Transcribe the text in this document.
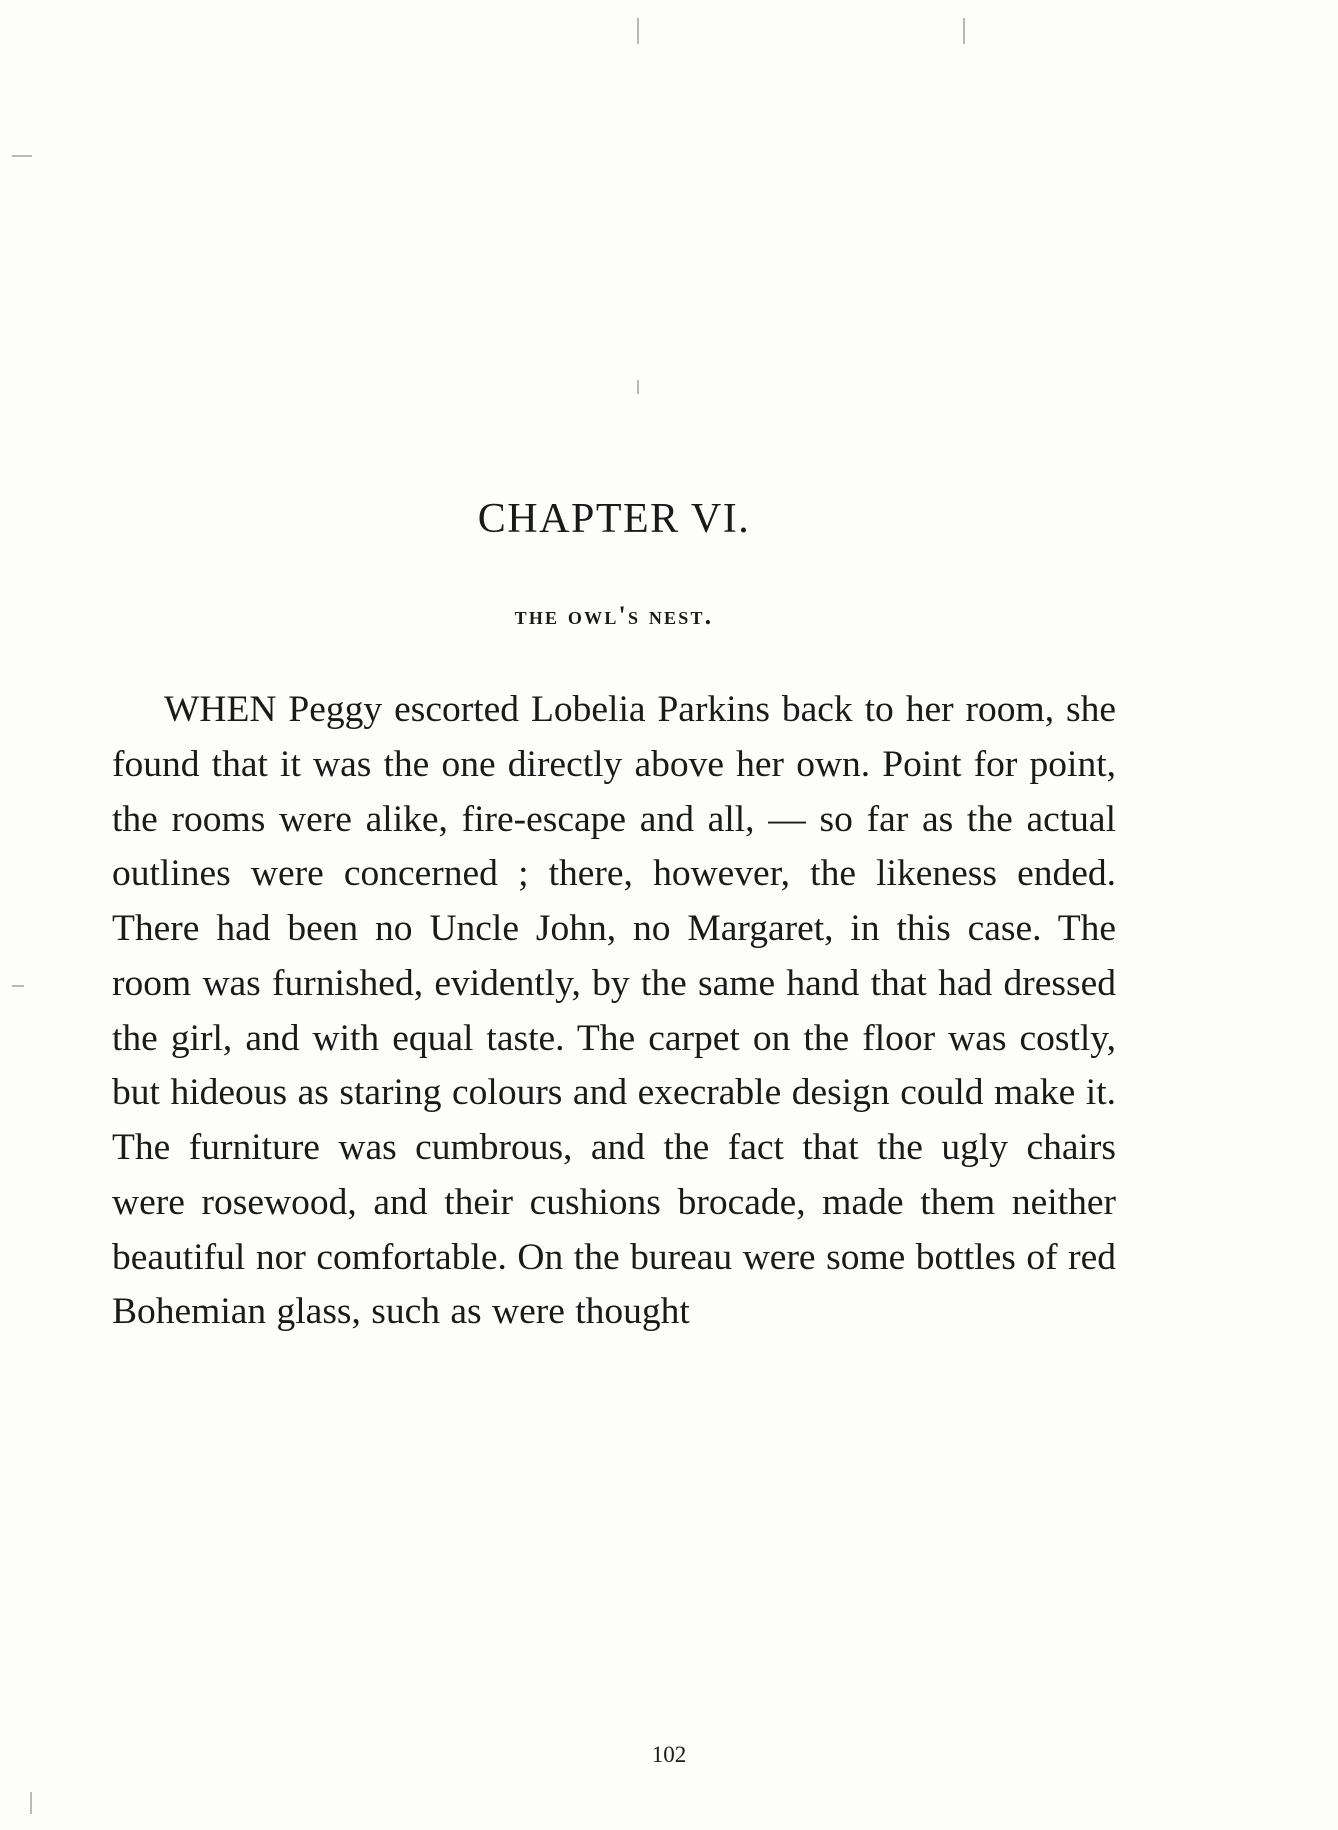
CHAPTER VI.
the owl's nest.

WHEN Peggy escorted Lobelia Parkins back to her room, she found that it was the one directly above her own. Point for point, the rooms were alike, fire-escape and all, — so far as the actual outlines were concerned ; there, however, the likeness ended. There had been no Uncle John, no Margaret, in this case. The room was furnished, evidently, by the same hand that had dressed the girl, and with equal taste. The carpet on the floor was costly, but hideous as staring colours and execrable design could make it. The furniture was cumbrous, and the fact that the ugly chairs were rosewood, and their cushions brocade, made them neither beautiful nor comfortable. On the bureau were some bottles of red Bohemian glass, such as were thought

102
